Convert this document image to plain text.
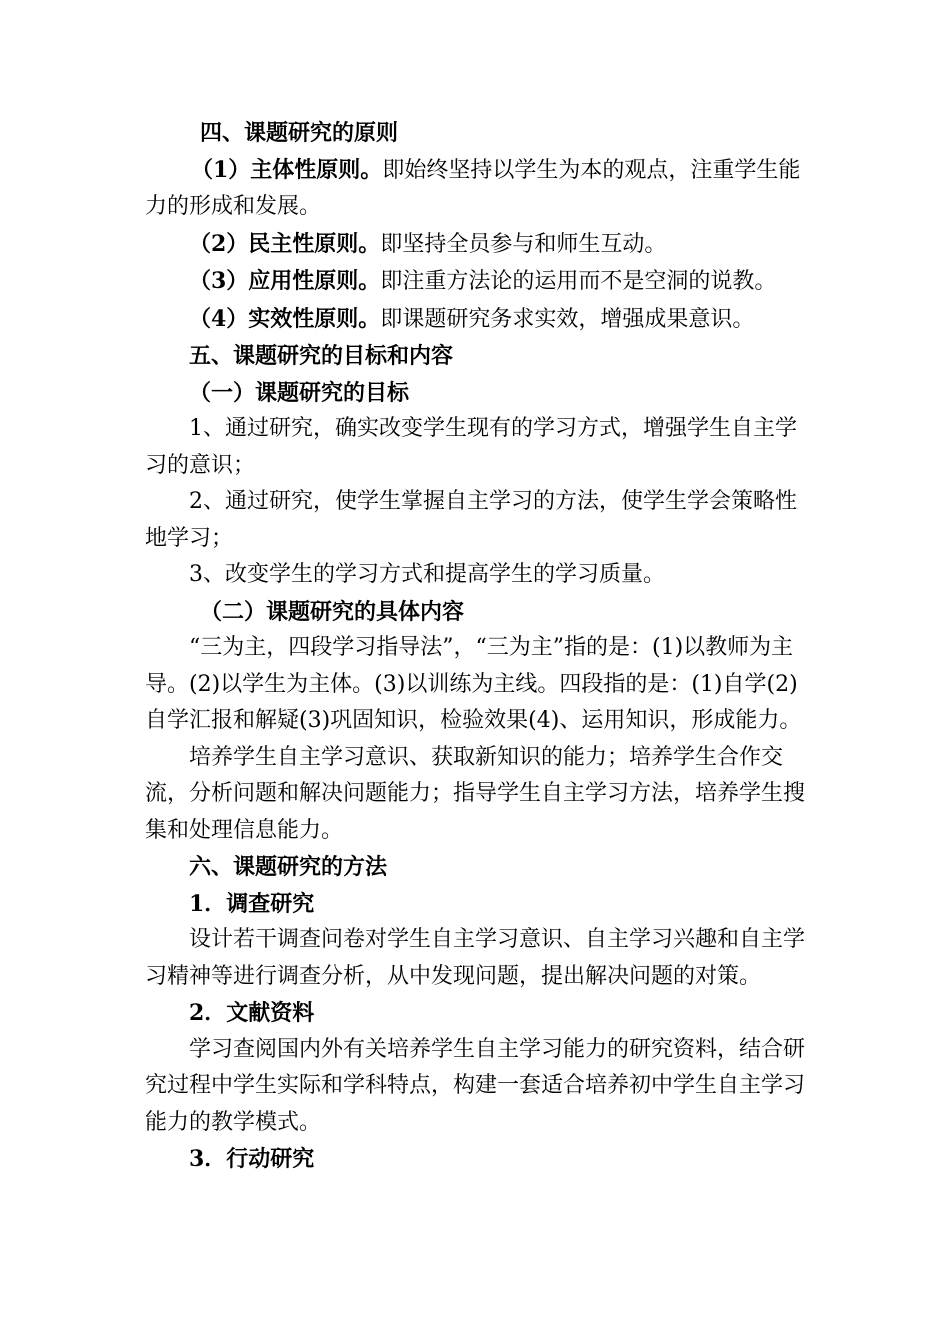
四、课题研究的原则

（1）主体性原则。即始终坚持以学生为本的观点，注重学生能力的形成和发展。

（2）民主性原则。即坚持全员参与和师生互动。

（3）应用性原则。即注重方法论的运用而不是空洞的说教。

（4）实效性原则。即课题研究务求实效，增强成果意识。

五、课题研究的目标和内容

（一）课题研究的目标

1、通过研究，确实改变学生现有的学习方式，增强学生自主学习的意识；

2、通过研究，使学生掌握自主学习的方法，使学生学会策略性地学习；

3、改变学生的学习方式和提高学生的学习质量。

（二）课题研究的具体内容

“三为主，四段学习指导法”，“三为主”指的是：(1)以教师为主导。(2)以学生为主体。(3)以训练为主线。四段指的是：(1)自学(2)自学汇报和解疑(3)巩固知识，检验效果(4)、运用知识，形成能力。

培养学生自主学习意识、获取新知识的能力；培养学生合作交流，分析问题和解决问题能力；指导学生自主学习方法，培养学生搜集和处理信息能力。

六、课题研究的方法

1．调查研究

设计若干调查问卷对学生自主学习意识、自主学习兴趣和自主学习精神等进行调查分析，从中发现问题，提出解决问题的对策。

2．文献资料

学习查阅国内外有关培养学生自主学习能力的研究资料，结合研究过程中学生实际和学科特点，构建一套适合培养初中学生自主学习能力的教学模式。

3．行动研究
